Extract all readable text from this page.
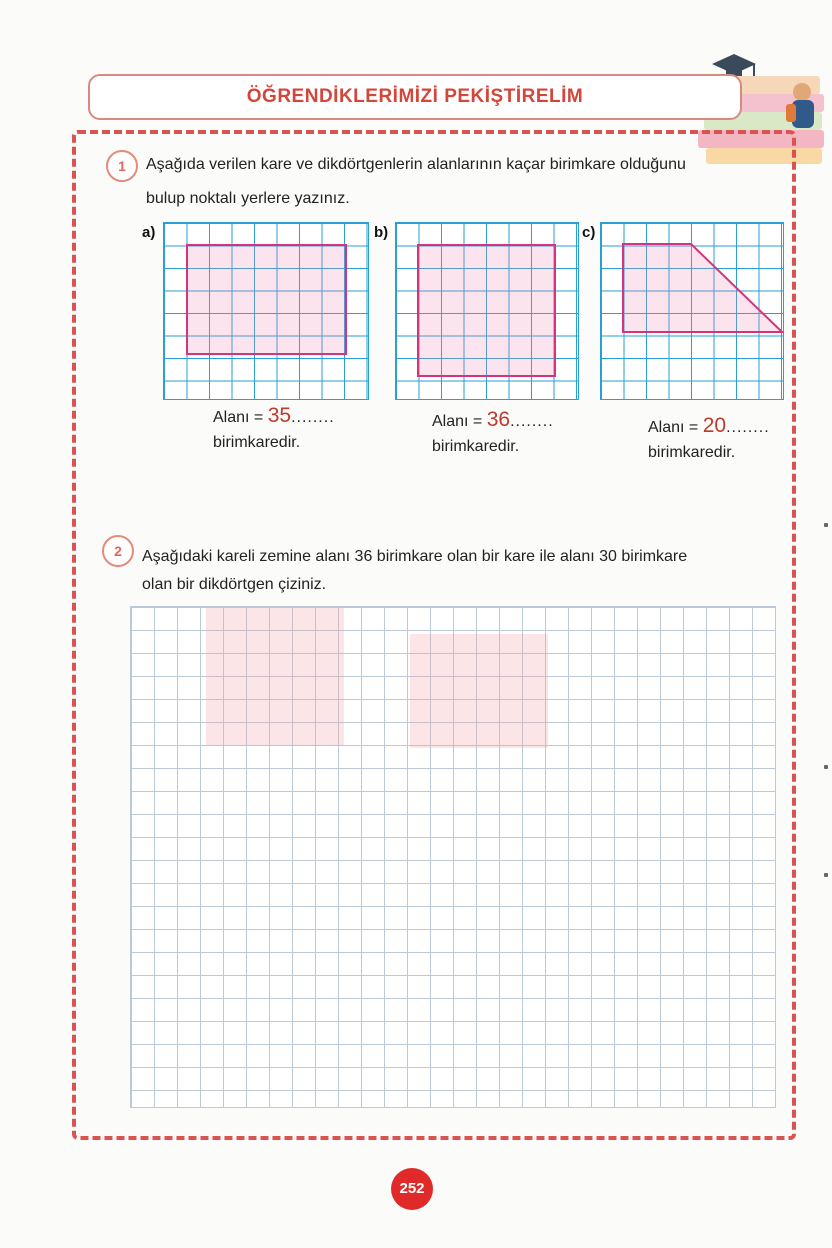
ÖĞRENDİKLERİMİZİ PEKİŞTİRELİM
1	Aşağıda verilen kare ve dikdörtgenlerin alanlarının kaçar birimkare olduğunu
bulup noktalı yerlere yazınız.
a)
Alanı = 35........
birimkaredir.
b)
Alanı = 36........
birimkaredir.
c)
Alanı = 20........
birimkaredir.
2	Aşağıdaki kareli zemine alanı 36 birimkare olan bir kare ile alanı 30 birimkare
olan bir dikdörtgen çiziniz.
252
